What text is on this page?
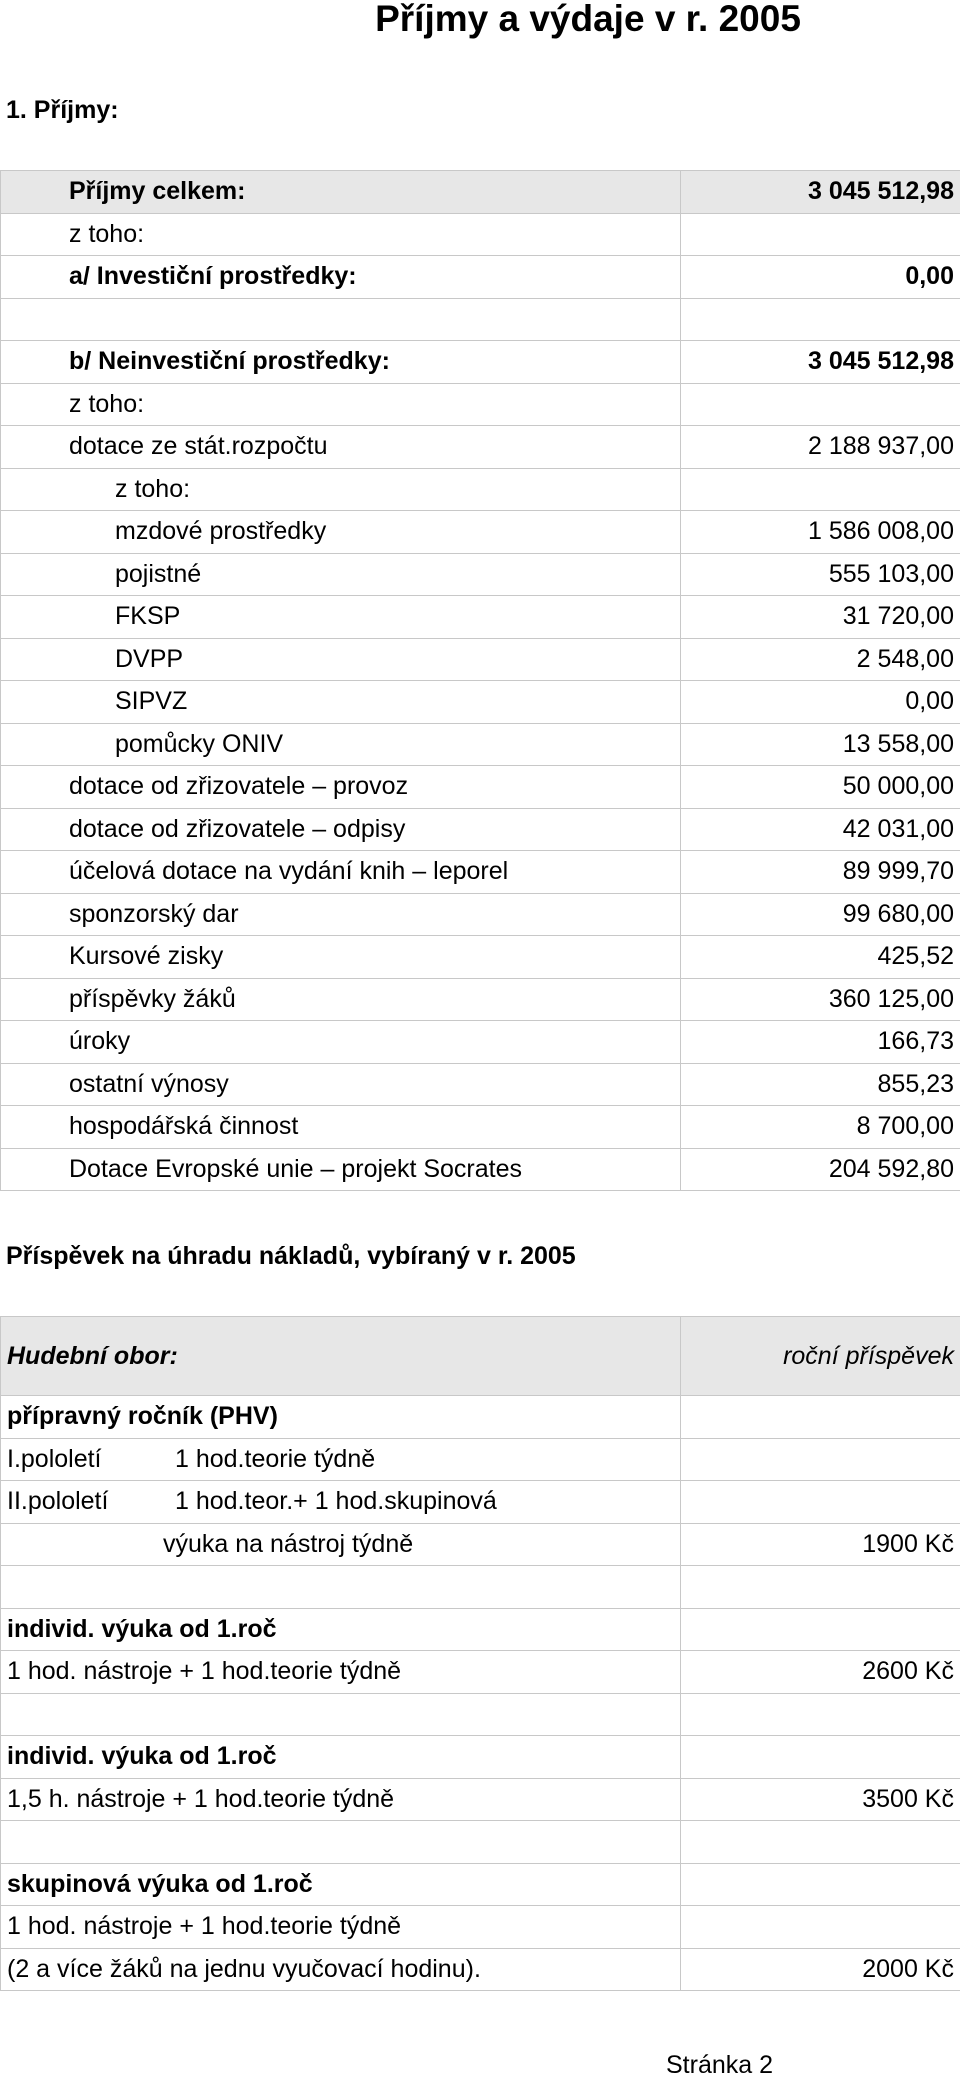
Příjmy a výdaje v r. 2005
1. Příjmy:
Příjmy celkem:	3 045 512,98
z toho:	
a/ Investiční prostředky:	0,00

b/ Neinvestiční prostředky:	3 045 512,98
z toho:	
dotace ze stát.rozpočtu	2 188 937,00
z toho:	
mzdové prostředky	1 586 008,00
pojistné	555 103,00
FKSP	31 720,00
DVPP	2 548,00
SIPVZ	0,00
pomůcky ONIV	13 558,00
dotace od zřizovatele – provoz	50 000,00
dotace od zřizovatele – odpisy	42 031,00
účelová dotace na vydání knih – leporel	89 999,70
sponzorský dar	99 680,00
Kursové zisky	425,52
příspěvky žáků	360 125,00
úroky	166,73
ostatní výnosy	855,23
hospodářská činnost	8 700,00
Dotace Evropské unie – projekt Socrates	204 592,80
Příspěvek na úhradu nákladů, vybíraný v r. 2005
Hudební obor:	roční příspěvek
přípravný ročník (PHV)	
I.pololetí 1 hod.teorie týdně	
II.pololetí 1 hod.teor.+ 1 hod.skupinová	
výuka na nástroj týdně	1900 Kč

individ. výuka od 1.roč	
1 hod. nástroje + 1 hod.teorie týdně	2600 Kč

individ. výuka od 1.roč	
1,5 h. nástroje + 1 hod.teorie týdně	3500 Kč

skupinová výuka od 1.roč	
1 hod. nástroje + 1 hod.teorie týdně	
(2 a více žáků na jednu vyučovací hodinu).	2000 Kč
Stránka 2
